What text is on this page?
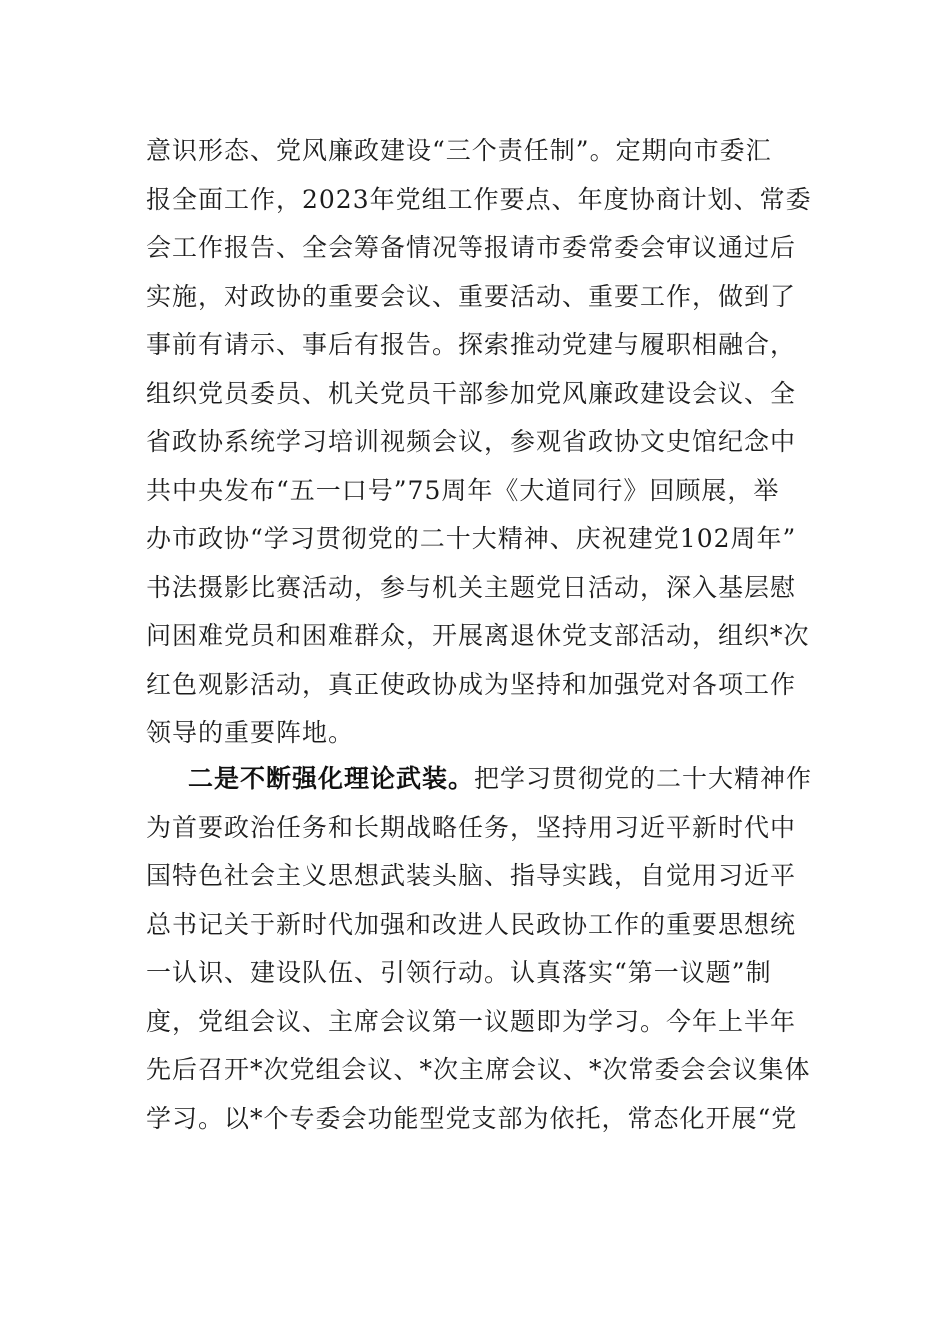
意识形态、党风廉政建设“三个责任制”。定期向市委汇
报全面工作，2023年党组工作要点、年度协商计划、常委
会工作报告、全会筹备情况等报请市委常委会审议通过后
实施，对政协的重要会议、重要活动、重要工作，做到了
事前有请示、事后有报告。探索推动党建与履职相融合，
组织党员委员、机关党员干部参加党风廉政建设会议、全
省政协系统学习培训视频会议，参观省政协文史馆纪念中
共中央发布“五一口号”75周年《大道同行》回顾展，举
办市政协“学习贯彻党的二十大精神、庆祝建党102周年”
书法摄影比赛活动，参与机关主题党日活动，深入基层慰
问困难党员和困难群众，开展离退休党支部活动，组织*次
红色观影活动，真正使政协成为坚持和加强党对各项工作
领导的重要阵地。
二是不断强化理论武装。把学习贯彻党的二十大精神作
为首要政治任务和长期战略任务，坚持用习近平新时代中
国特色社会主义思想武装头脑、指导实践，自觉用习近平
总书记关于新时代加强和改进人民政协工作的重要思想统
一认识、建设队伍、引领行动。认真落实“第一议题”制
度，党组会议、主席会议第一议题即为学习。今年上半年
先后召开*次党组会议、*次主席会议、*次常委会会议集体
学习。以*个专委会功能型党支部为依托，常态化开展“党
